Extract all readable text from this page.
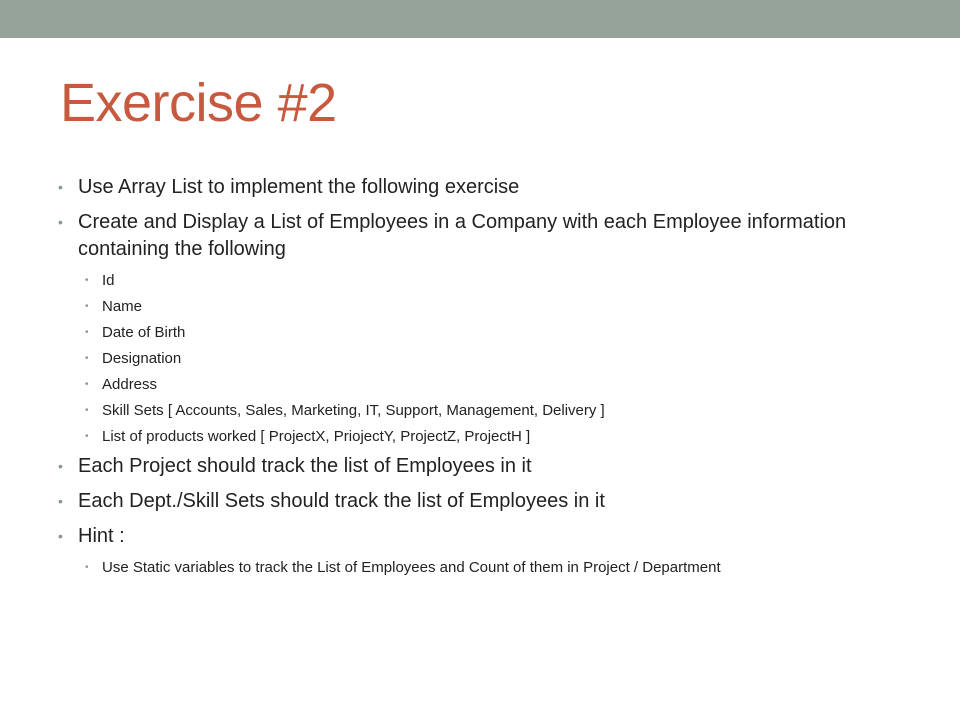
Exercise #2
• Use Array List to implement the following exercise
• Create and Display a List of Employees in a Company with each Employee information containing the following
• Id
• Name
• Date of Birth
• Designation
• Address
• Skill Sets [ Accounts, Sales, Marketing, IT, Support, Management, Delivery ]
• List of products worked [ ProjectX, PriojectY, ProjectZ, ProjectH ]
• Each Project should track the list of Employees in it
• Each Dept./Skill Sets should track the list of Employees in it
• Hint :
• Use Static variables to track the List of Employees and Count of them in Project / Department
